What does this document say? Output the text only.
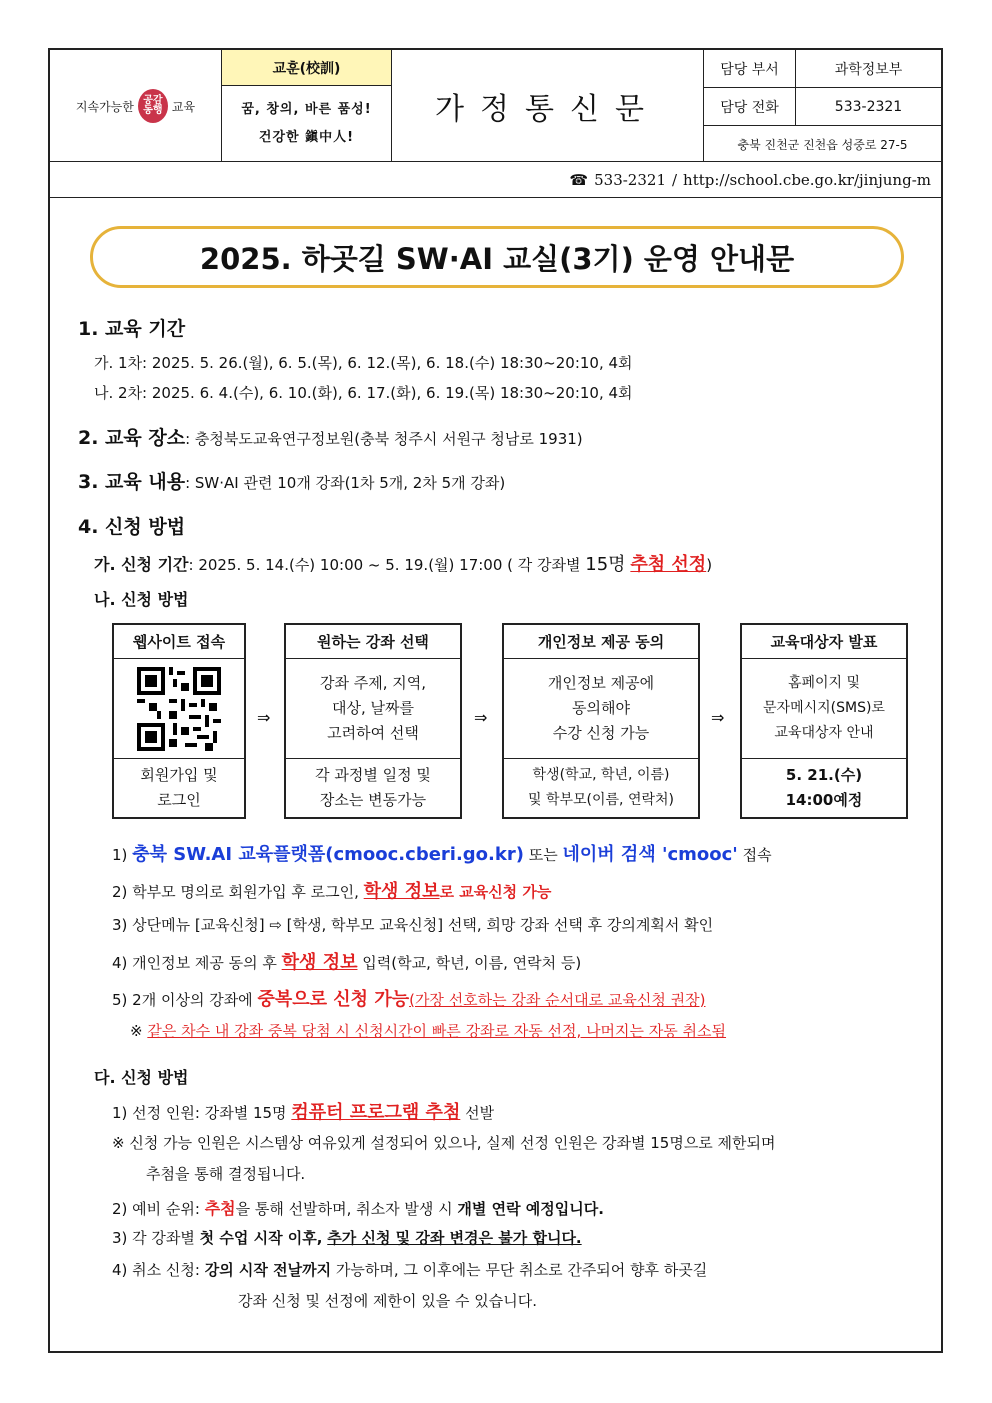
지속가능한 공감 동행 교육
교훈(校訓)
꿈, 창의, 바른 품성!
건강한 鎭中人!
가정통신문
담당 부서	과학정보부
담당 전화	533-2321
충북 진천군 진천읍 성중로 27-5
☎ 533-2321 / http://school.cbe.go.kr/jinjung-m
2025. 하곳길 SW·AI 교실(3기) 운영 안내문
1. 교육 기간
가. 1차: 2025. 5. 26.(월), 6. 5.(목), 6. 12.(목), 6. 18.(수) 18:30~20:10, 4회
나. 2차: 2025. 6. 4.(수), 6. 10.(화), 6. 17.(화), 6. 19.(목) 18:30~20:10, 4회
2. 교육 장소: 충청북도교육연구정보원(충북 청주시 서원구 청남로 1931)
3. 교육 내용: SW·AI 관련 10개 강좌(1차 5개, 2차 5개 강좌)
4. 신청 방법
가. 신청 기간: 2025. 5. 14.(수) 10:00 ~ 5. 19.(월) 17:00 ( 각 강좌별 15명 추첨 선정)
나. 신청 방법
웹사이트 접속
회원가입 및
로그인
⇒
원하는 강좌 선택
강좌 주제, 지역,
대상, 날짜를
고려하여 선택
각 과정별 일정 및
장소는 변동가능
⇒
개인정보 제공 동의
개인정보 제공에
동의해야
수강 신청 가능
학생(학교, 학년, 이름)
및 학부모(이름, 연락처)
⇒
교육대상자 발표
홈페이지 및
문자메시지(SMS)로
교육대상자 안내
5. 21.(수)
14:00예정
1) 충북 SW.AI 교육플랫폼(cmooc.cberi.go.kr) 또는 네이버 검색 'cmooc' 접속
2) 학부모 명의로 회원가입 후 로그인, 학생 정보로 교육신청 가능
3) 상단메뉴 [교육신청] ⇨ [학생, 학부모 교육신청] 선택, 희망 강좌 선택 후 강의계획서 확인
4) 개인정보 제공 동의 후 학생 정보 입력(학교, 학년, 이름, 연락처 등)
5) 2개 이상의 강좌에 중복으로 신청 가능(가장 선호하는 강좌 순서대로 교육신청 권장)
※ 같은 차수 내 강좌 중복 당첨 시 신청시간이 빠른 강좌로 자동 선정, 나머지는 자동 취소됨
다. 신청 방법
1) 선정 인원: 강좌별 15명 컴퓨터 프로그램 추첨 선발
※ 신청 가능 인원은 시스템상 여유있게 설정되어 있으나, 실제 선정 인원은 강좌별 15명으로 제한되며
추첨을 통해 결정됩니다.
2) 예비 순위: 추첨을 통해 선발하며, 취소자 발생 시 개별 연락 예정입니다.
3) 각 강좌별 첫 수업 시작 이후, 추가 신청 및 강좌 변경은 불가 합니다.
4) 취소 신청: 강의 시작 전날까지 가능하며, 그 이후에는 무단 취소로 간주되어 향후 하곳길
강좌 신청 및 선정에 제한이 있을 수 있습니다.
